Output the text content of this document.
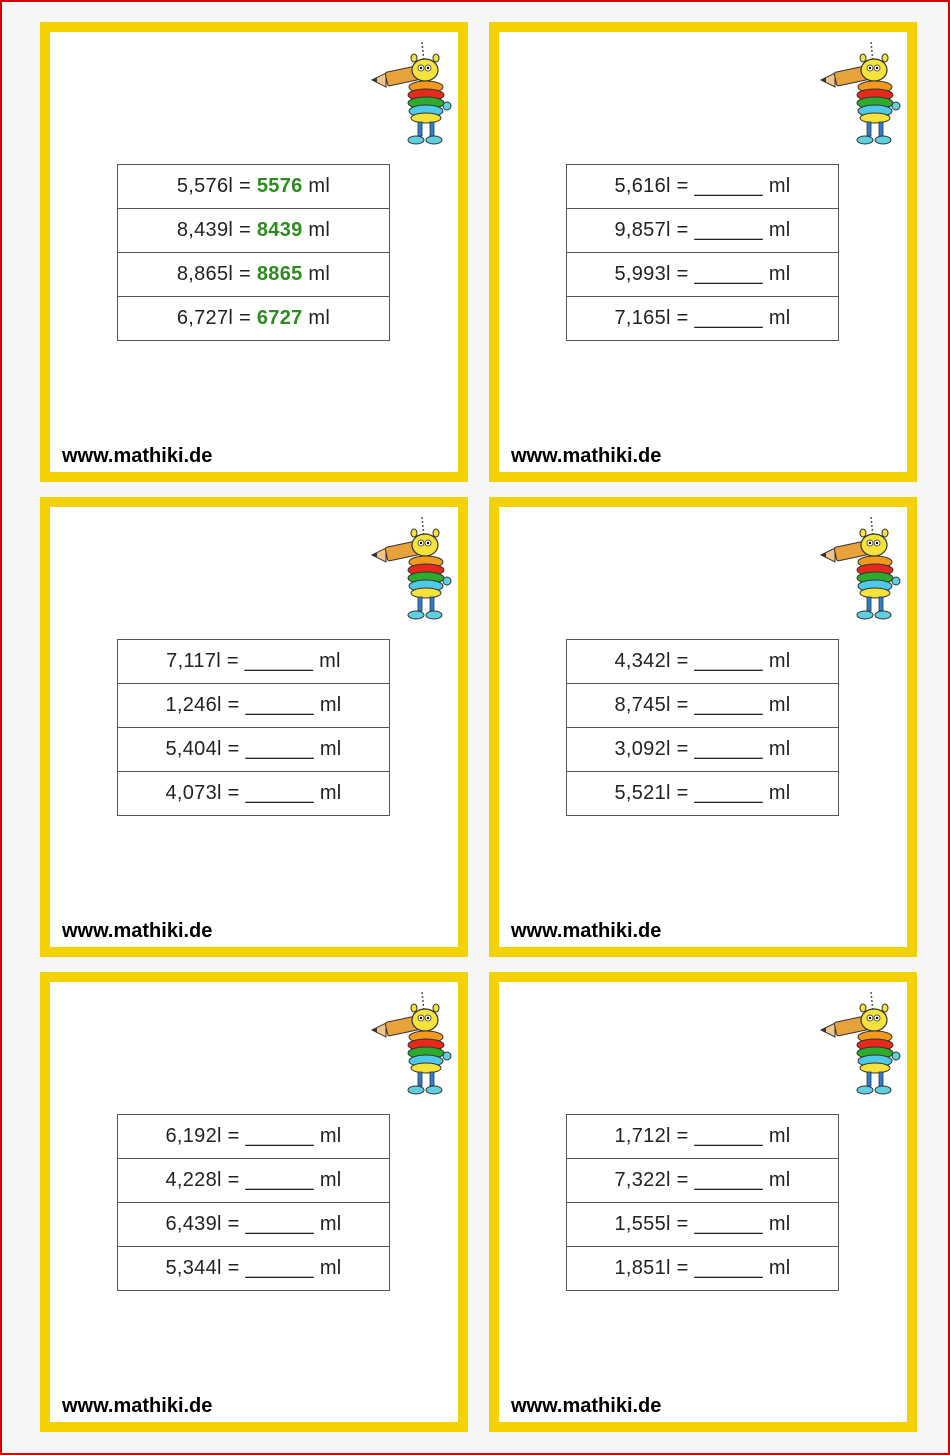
5,576l = 5576 ml
8,439l = 8439 ml
8,865l = 8865 ml
6,727l = 6727 ml
www.mathiki.de
5,616l = ______ ml
9,857l = ______ ml
5,993l = ______ ml
7,165l = ______ ml
www.mathiki.de
7,117l = ______ ml
1,246l = ______ ml
5,404l = ______ ml
4,073l = ______ ml
www.mathiki.de
4,342l = ______ ml
8,745l = ______ ml
3,092l = ______ ml
5,521l = ______ ml
www.mathiki.de
6,192l = ______ ml
4,228l = ______ ml
6,439l = ______ ml
5,344l = ______ ml
www.mathiki.de
1,712l = ______ ml
7,322l = ______ ml
1,555l = ______ ml
1,851l = ______ ml
www.mathiki.de
